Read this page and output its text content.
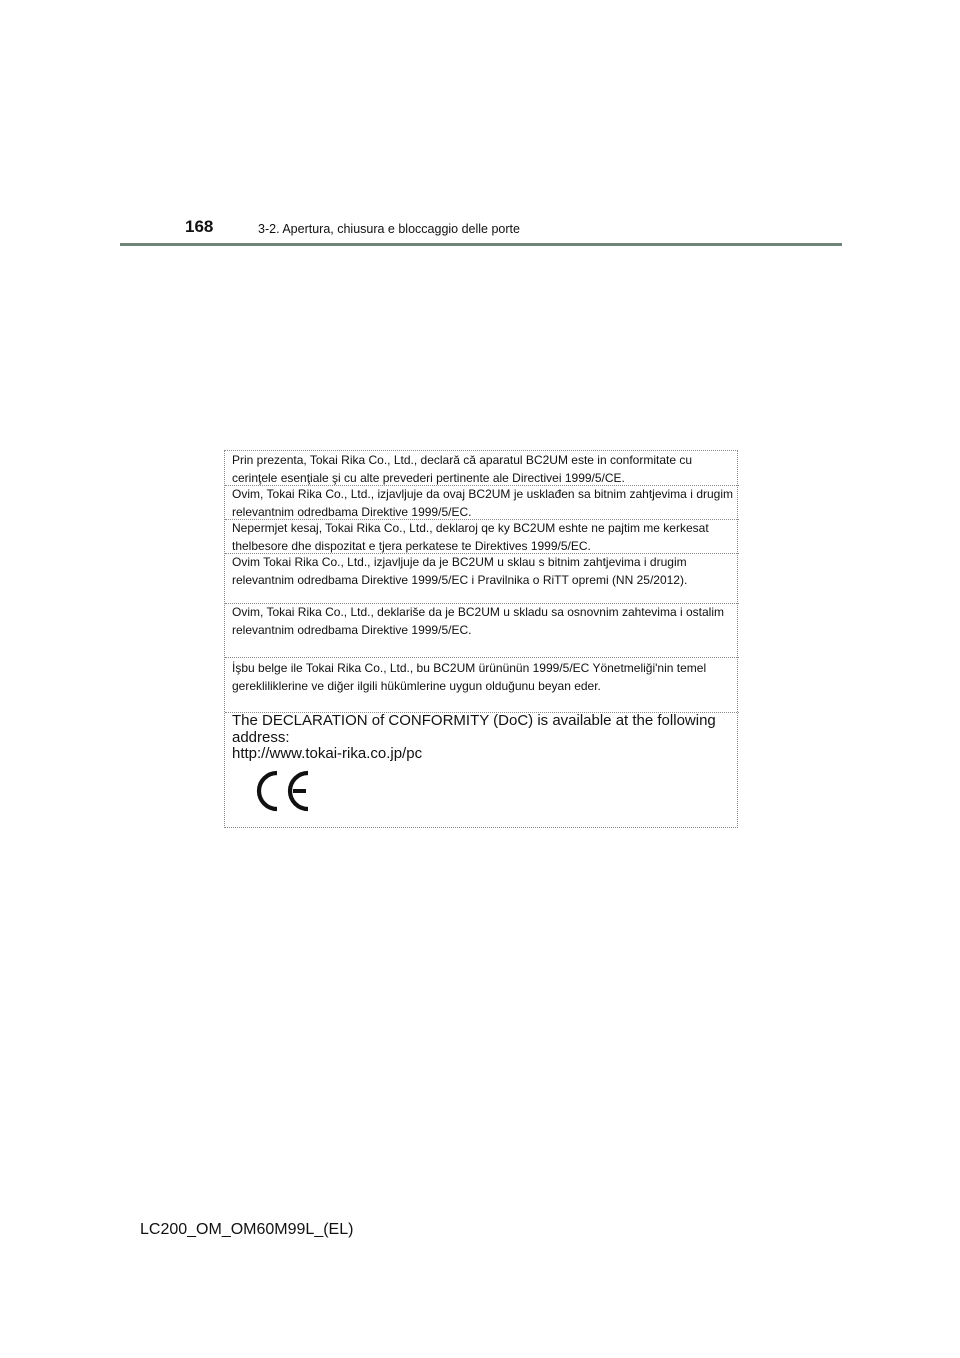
168	3-2. Apertura, chiusura e bloccaggio delle porte
Prin prezenta, Tokai Rika Co., Ltd., declară că aparatul BC2UM este in conformitate cu cerinţele esenţiale şi cu alte prevederi pertinente ale Directivei 1999/5/CE.
Ovim, Tokai Rika Co., Ltd., izjavljuje da ovaj BC2UM je usklađen sa bitnim zahtjevima i drugim relevantnim odredbama Direktive 1999/5/EC.
Nepermjet kesaj, Tokai Rika Co., Ltd., deklaroj qe ky BC2UM eshte ne pajtim me kerkesat thelbesore dhe dispozitat e tjera perkatese te Direktives 1999/5/EC.
Ovim Tokai Rika Co., Ltd., izjavljuje da je BC2UM u sklau s bitnim zahtjevima i drugim relevantnim odredbama Direktive 1999/5/EC i Pravilnika o RiTT opremi (NN 25/2012).
Ovim, Tokai Rika Co., Ltd., deklariše da je BC2UM u skladu sa osnovnim zahtevima i ostalim relevantnim odredbama Direktive 1999/5/EC.
İşbu belge ile Tokai Rika Co., Ltd., bu BC2UM ürününün 1999/5/EC Yönetmeliği'nin temel gerekliliklerine ve diğer ilgili hükümlerine uygun olduğunu beyan eder.
The DECLARATION of CONFORMITY (DoC) is available at the following address:
http://www.tokai-rika.co.jp/pc
LC200_OM_OM60M99L_(EL)
